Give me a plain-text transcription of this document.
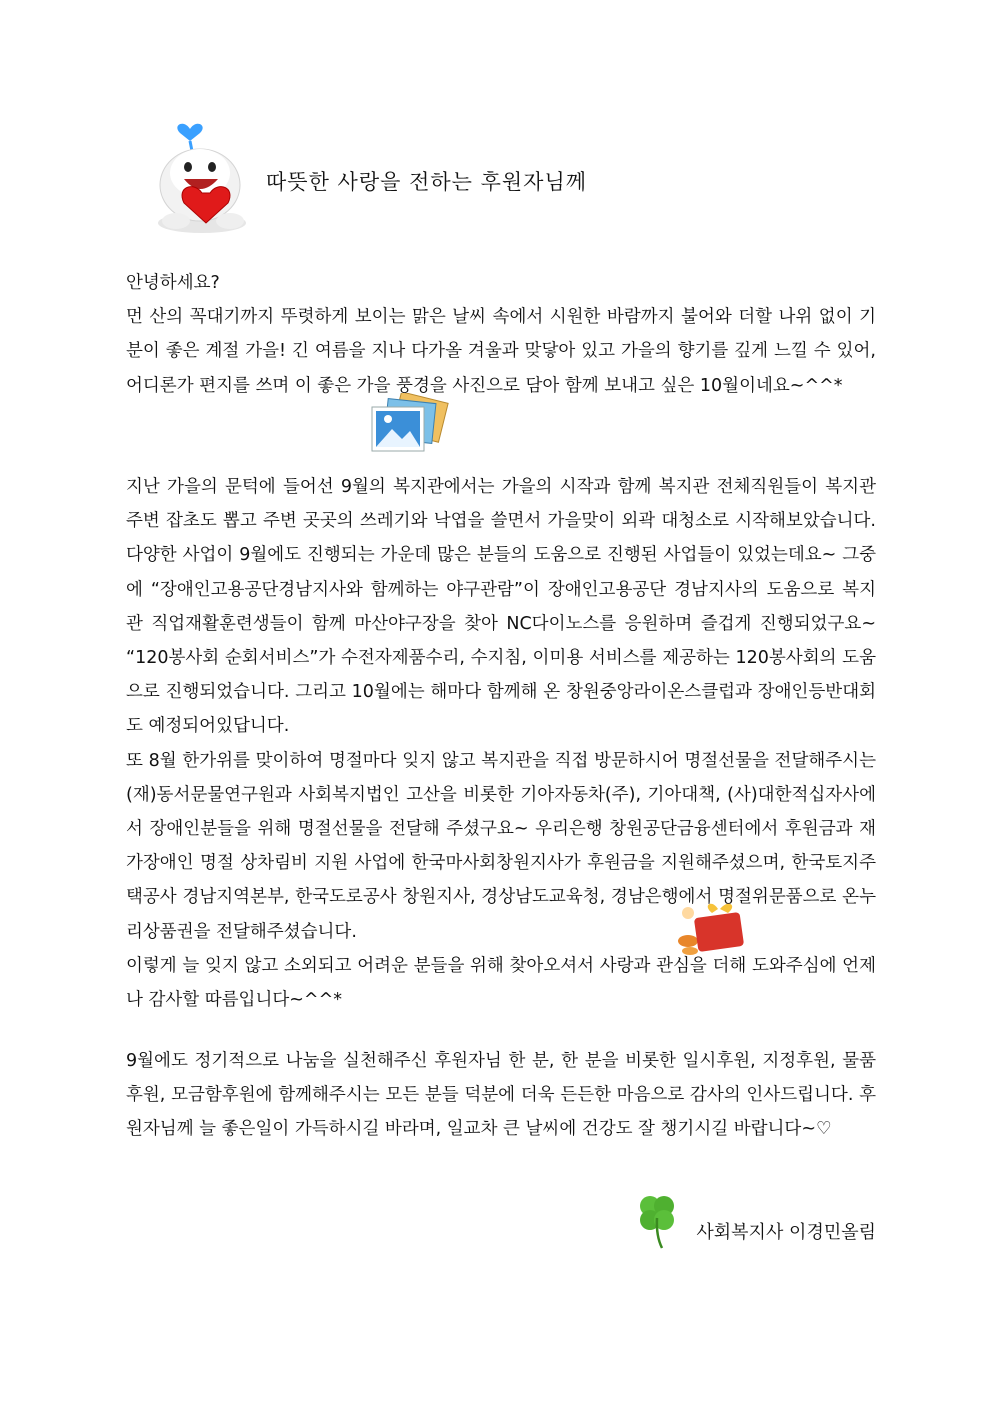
따뜻한 사랑을 전하는 후원자님께

안녕하세요?

먼 산의 꼭대기까지 뚜렷하게 보이는 맑은 날씨 속에서 시원한 바람까지 불어와 더할 나위 없이 기분이 좋은 계절 가을! 긴 여름을 지나 다가올 겨울과 맞닿아 있고 가을의 향기를 깊게 느낄 수 있어, 어디론가 편지를 쓰며 이 좋은 가을 풍경을 사진으로 담아 함께 보내고 싶은 10월이네요~^^*

지난 가을의 문턱에 들어선 9월의 복지관에서는 가을의 시작과 함께 복지관 전체직원들이 복지관 주변 잡초도 뽑고 주변 곳곳의 쓰레기와 낙엽을 쓸면서 가을맞이 외곽 대청소로 시작해보았습니다. 다양한 사업이 9월에도 진행되는 가운데 많은 분들의 도움으로 진행된 사업들이 있었는데요~ 그중에 “장애인고용공단경남지사와 함께하는 야구관람”이 장애인고용공단 경남지사의 도움으로 복지관 직업재활훈련생들이 함께 마산야구장을 찾아 NC다이노스를 응원하며 즐겁게 진행되었구요~ “120봉사회 순회서비스”가 수전자제품수리, 수지침, 이미용 서비스를 제공하는 120봉사회의 도움으로 진행되었습니다. 그리고 10월에는 해마다 함께해 온 창원중앙라이온스클럽과 장애인등반대회도 예정되어있답니다.

또 8월 한가위를 맞이하여 명절마다 잊지 않고 복지관을 직접 방문하시어 명절선물을 전달해주시는 (재)동서문물연구원과 사회복지법인 고산을 비롯한 기아자동차(주), 기아대책, (사)대한적십자사에서 장애인분들을 위해 명절선물을 전달해 주셨구요~ 우리은행 창원공단금융센터에서 후원금과 재가장애인 명절 상차림비 지원 사업에 한국마사회창원지사가 후원금을 지원해주셨으며, 한국토지주택공사 경남지역본부, 한국도로공사 창원지사, 경상남도교육청, 경남은행에서 명절위문품으로 온누리상품권을 전달해주셨습니다.

이렇게 늘 잊지 않고 소외되고 어려운 분들을 위해 찾아오셔서 사랑과 관심을 더해 도와주심에 언제나 감사할 따름입니다~^^*

9월에도 정기적으로 나눔을 실천해주신 후원자님 한 분, 한 분을 비롯한 일시후원, 지정후원, 물품후원, 모금함후원에 함께해주시는 모든 분들 덕분에 더욱 든든한 마음으로 감사의 인사드립니다. 후원자님께 늘 좋은일이 가득하시길 바라며, 일교차 큰 날씨에 건강도 잘 챙기시길 바랍니다~♡

사회복지사 이경민올림
